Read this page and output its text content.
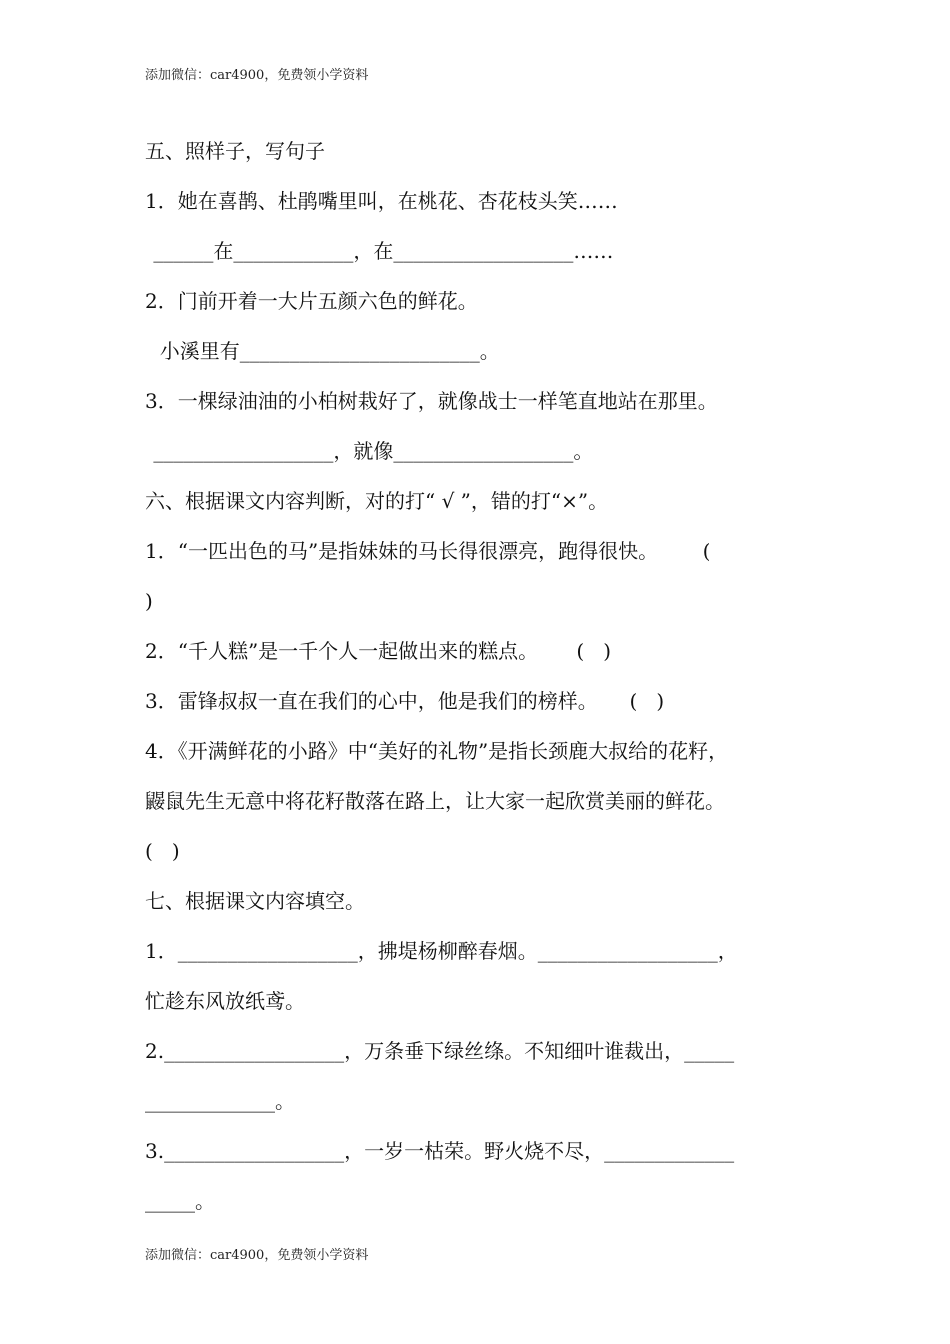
添加微信：car4900，免费领小学资料
五、照样子，写句子
1．她在喜鹊、杜鹃嘴里叫，在桃花、杏花枝头笑……
______在____________，在__________________……
2．门前开着一大片五颜六色的鲜花。
小溪里有________________________。
3．一棵绿油油的小柏树栽好了，就像战士一样笔直地站在那里。
__________________，就像__________________。
六、根据课文内容判断，对的打“ √ ”，错的打“×”。
1．“一匹出色的马”是指妹妹的马长得很漂亮，跑得很快。       (
)
2．“千人糕”是一千个人一起做出来的糕点。      (   )
3．雷锋叔叔一直在我们的心中，他是我们的榜样。     (   )
4．《开满鲜花的小路》中“美好的礼物”是指长颈鹿大叔给的花籽，
鼹鼠先生无意中将花籽散落在路上，让大家一起欣赏美丽的鲜花。
(   )
七、根据课文内容填空。
1．__________________，拂堤杨柳醉春烟。__________________，
忙趁东风放纸鸢。
2.__________________，万条垂下绿丝绦。不知细叶谁裁出，_____
_____________。
3.__________________，一岁一枯荣。野火烧不尽，_____________
_____。
添加微信：car4900，免费领小学资料
